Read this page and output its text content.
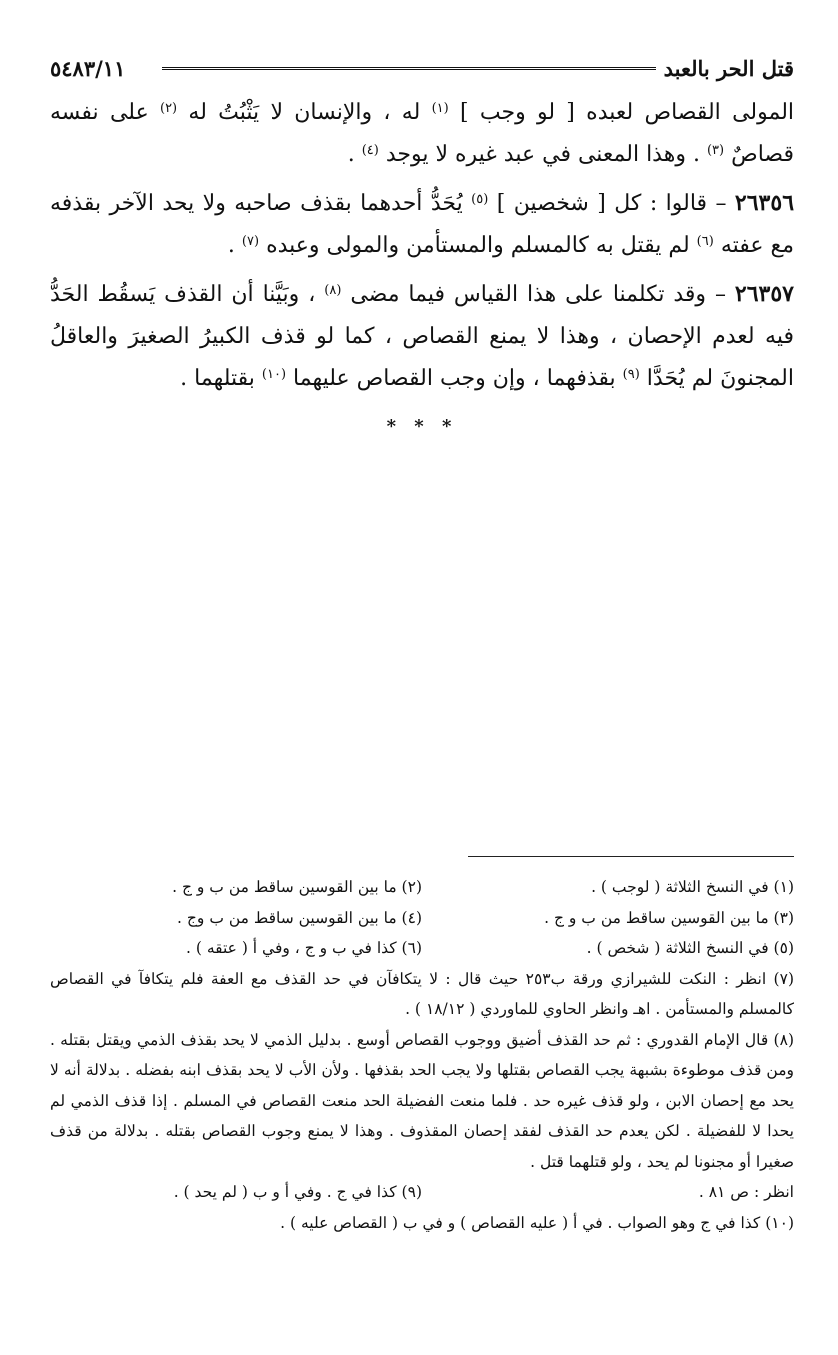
قتل الحر بالعبد
٥٤٨٣/١١

المولى القصاص لعبده [ لو وجب ] $^{(١)}$ له ، والإنسان لا يَثْبُتُ له $^{(٢)}$ على نفسه قصاصٌ $^{(٣)}$ . وهذا المعنى في عبد غيره لا يوجد $^{(٤)}$ .

٢٦٣٥٦ – قالوا : كل [ شخصين ] $^{(٥)}$ يُحَدُّ أحدهما بقذف صاحبه ولا يحد الآخر بقذفه مع عفته $^{(٦)}$ لم يقتل به كالمسلم والمستأمن والمولى وعبده $^{(٧)}$ .

٢٦٣٥٧ – وقد تكلمنا على هذا القياس فيما مضى $^{(٨)}$ ، وبَيَّنا أن القذف يَسقُط الحَدُّ فيه لعدم الإحصان ، وهذا لا يمنع القصاص ، كما لو قذف الكبيرُ الصغيرَ والعاقلُ المجنونَ لم يُحَدَّا $^{(٩)}$ بقذفهما ، وإن وجب القصاص عليهما $^{(١٠)}$ بقتلهما .

* * *
(١) في النسخ الثلاثة ( لوجب ) .
(٢) ما بين القوسين ساقط من ب و ج .
(٣) ما بين القوسين ساقط من ب و ج .
(٤) ما بين القوسين ساقط من ب وج .
(٥) في النسخ الثلاثة ( شخص ) .
(٦) كذا في ب و ج ، وفي أ ( عتقه ) .
(٧) انظر : النكت للشيرازي ورقة ب٢٥٣ حيث قال : لا يتكافآن في حد القذف مع العفة فلم يتكافآ في القصاص كالمسلم والمستأمن . اهـ وانظر الحاوي للماوردي ( ١٨/١٢ ) .
(٨) قال الإمام القدوري : ثم حد القذف أضيق ووجوب القصاص أوسع . بدليل الذمي لا يحد بقذف الذمي ويقتل بقتله . ومن قذف موطوءة بشبهة يجب القصاص بقتلها ولا يجب الحد بقذفها . ولأن الأب لا يحد بقذف ابنه بفضله . بدلالة أنه لا يحد مع إحصان الابن ، ولو قذف غيره حد . فلما منعت الفضيلة الحد منعت القصاص في المسلم . إذا قذف الذمي لم يحدا لا للفضيلة . لكن يعدم حد القذف لفقد إحصان المقذوف . وهذا لا يمنع وجوب القصاص بقتله . بدلالة من قذف صغيرا أو مجنونا لم يحد ، ولو قتلهما قتل .
انظر : ص ٨١ .
(٩) كذا في ج . وفي أ و ب ( لم يحد ) .
(١٠) كذا في ج وهو الصواب . في أ ( عليه القصاص ) و في ب ( القصاص عليه ) .
